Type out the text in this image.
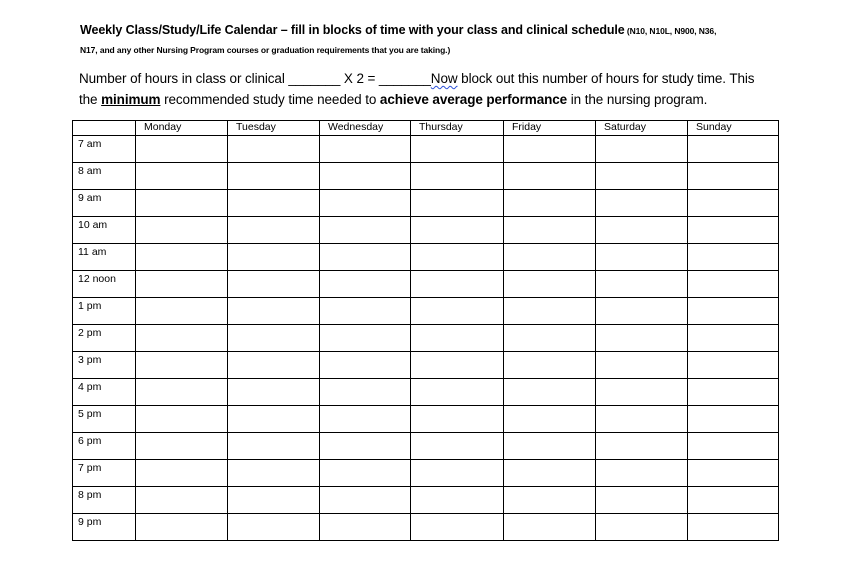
Weekly Class/Study/Life Calendar – fill in blocks of time with your class and clinical schedule (N10, N10L, N900, N36,
N17, and any other Nursing Program courses or graduation requirements that you are taking.)
Number of hours in class or clinical _______ X 2 = _______Now block out this number of hours for study time. This
the minimum recommended study time needed to achieve average performance in the nursing program.
	Monday	Tuesday	Wednesday	Thursday	Friday	Saturday	Sunday
7 am							
8 am							
9 am							
10 am							
11 am							
12 noon							
1 pm							
2 pm							
3 pm							
4 pm							
5 pm							
6 pm							
7 pm							
8 pm							
9 pm							
